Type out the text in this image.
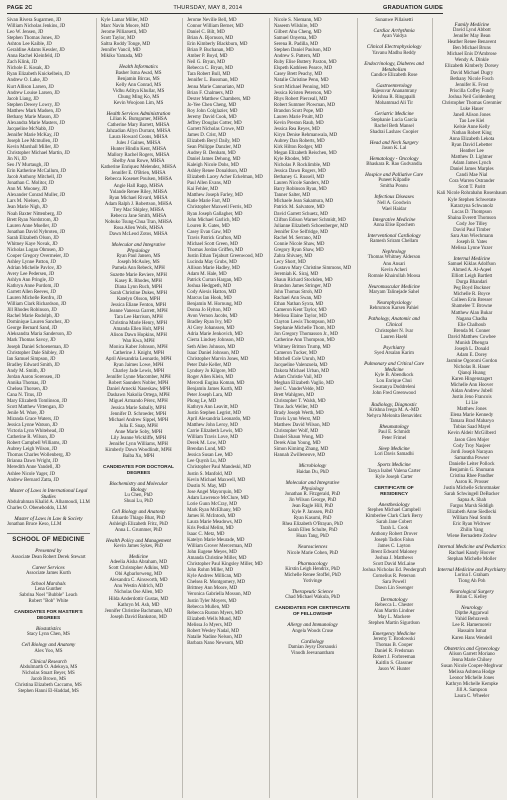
PAGE 2C	THURSDAY, MAY 8, 2014	GRADUATION GUIDE
Sivan Rivera Sugarmen, JD
William Nicholas Jenkins, JD
Leo W. Jensen, JD
Stephen Thomas Jones, JD
Ashton Lee Kaible, JD
Geraldine Adams Kessler, JD
Anna Rachel Kleinfeld, JD
Zach Klink, JD
Nichole E. Kosak, JD
Ryan Elizabeth Knickelbein, JD
Andrew O. Lake, JD
Kurt Allison Larsen, JD
Andrew Louise Larsen, JD
Jacob Liang, JD
Stephen Dewey Lowry, JD
Matthew Mark Madsen, JD
Bethany Marie Mason, JD
Alexandra Marie Masters, JD
Jacqueline McNabb, JD
Jennifer Marie McKay, JD
Joseph Lee Mcmullen, JD
Kevin Marshall Miller, JD
Christopher Michael Martin, JD
Jin Ni, JD
Seo JY Murtaugh, JD
Erin Katherine McCallum, JD
Jacob Anthony Mitchell, JD
Jonathan C. Molitor, JD
Ann M. Mooney, JD
Alexander Conrad Muller, JD
Lars M. Nielsen, JD
Jean Marie Nigh, JD
Noah Baxter Nittenberg, JD
Brett Ryan Nordstrom, JD
Lauren Anne Mueller, JD
Jonathan David Nybroten, JD
Sarah Elizabeth Olson, JD
Whitney Kaye Novak, JD
Nicholas Logan Ohmsen, JD
Cooper Gregory Overmeier, JD
Ashley Lynne Patton, JD
Adrian Michelle Pavlov, JD
Avery Lee Pedersen, JD
Ashlyn Ann Pringle, JD
Kathryn Anne Purdom, JD
Garrett Allen Reeves, JD
Lauren Michelle Renfro, JD
William Clark Richardson, JD
Jill Rhodes Robinson, JD
Rachel Marie Rudolph, JD
Dominique Lauren Sanchez, JD
George Bernard Sand, JD
Aleksandra Maria Sanderson, JD
Mark Thomas Savoy, JD
Joseph Daniel Schoeneman, JD
Christopher Dale Shibley, JD
Ian Samuel Simpson, JD
Bradley Edward Smith, JD
Andy M. Smith, JD
Jordan Aaron Sorensen, JD
Annika Thomas, JD
Chelsea Thorsen, JD
Cana N. Titus, JD
Mary Elizabeth Tomlinson, JD
Scott Matthew Vittengan, JD
Jenile M. Ware, JD
Miranda Grace Waters, JD
Jessica Lynne Watson, JD
Victoria Lynn Whitehead, JD
Catherine R. Wilson, JD
Robert Campbell Williams, JD
Aubrey Leigh Wilson, JD
Thomas Charles Wollenberg, JD
Brianna Dawn Wright, JD
Meredith Anne Yandell, JD
Ashlee Nicole Yager, JD
Andrew Bernard Zatta, JD
Master of Laws in International Legal Studies
Abdulrahman Khalid A. Alhamoudi, LLM
Charles O. Obeneboddo, LLM
Master of Laws in Law & Society
Jonathan Bruce Keso, LLM
SCHOOL OF MEDICINE
Presented by
Associate Dean Robert Derek Stewart
Career Services
Associate James Kurth
School Marshals
Lena Gunther
Sabrina Noel "Bubble" Leach
Robert "Bob" White
CANDIDATES FOR MASTER'S DEGREES
Biostatistics
Stacy Lynn Chen, MS
Cell Biology and Anatomy
Alex Yoo, MS
Clinical Research
Abdulmarth O. Adekoya, MS
Nicholas Stuart Beyer, MS
Jacob Brown, MS
Christina Elizabeth Caccamo, MS
Stephen Hanni El-Haddad, MS
Kyle Lamar Miller, MD
Marc Navin Moore, MD
Jerome Pilliarsetti, MD
Scott Taylor, MD
Saltra Roddy Tonge, MD
Jennifer Vancil, MD
Mikiko Yamada, MD
Health Informatics
Basher Isma Awad, MS
Benjamin Bircas, MS
Kelly Ann Conrad, MS
Vidhu Aditya Khullar, MS
Chung Ming Ko, MS
Kevin Woojoon Lim, MS
Health Services Administration
Lilian K. Bumgarner, MHSA
Catherine Mary Barrett, MHSA
Jahzadian Allyn Durrant, MHSA
Laura Howard Coons, MHSA
Jules J Gaines, MHSA
Hunter Hindin Kent, MHSA
Mallory Rachel Rogers, MHSA
Shelby Ann Rowe, MHSA
Katherine Enriquez Melendez, MHSA
Jennifer E. O'Brien, MHSA
Rebecca Kosenet Poulsen, MHSA
Angie Hall Rapp, MHSA
Yolande Renee Riley, MHSA
Ryan Michael Rivard, MHSA
Adam Ralph J. Robertson, MHSA
Trey Mac Shipley, MHSA
Rebecca Jane Smith, MHSA
Nobuko Tsung-Chua Tran, MHSA
Rosa Allen Wolk, MHSA
Dawn McLeod Zotos, MHSA
Molecular and Integrative Physiology
Ryan Paul Jansen, MS
Joseph McAuley, MS
Pamela Ann Rebeck, MPH
Suzette Marie Reviere, MPH
Kasey R. Rhodes, MPH
Diana Lynn Ruch, MPH
Sarah Christine Dukes, MPH
Katelyn Olsson, MPH
Jessica Eliane Fenton, MPH
Jeanne Vanessa Garrett, MPH
Tara Lee Harrison, MPH
Christina Marie Henry, MPH
Amanda Ellen Holt, MPH
Alison Dawn Hopkins, MPH
Wan Kwa, MPH
Monica Kaber Johnson, MPH
Catherine J. Knight, MPH
April Alexandria Leonardo, MPH
Ryan Jaimes Lowe, MPH
Charley Jade Lewis, MPH
Jennifer Lynne Macomber, MPH
Robert Saunders Nobler, MPH
Daniel Arnecki Naseskaw, MPH
Dashawn Nakolia Ortega, MPH
Miguel Armando Pérez, MPH
Jessica Marie Sabally, MPH
Jennifer D. Schroeder, MPH
Michael Andrew Sippel, MPH
Julia E. Snap, MPH
Anne Marie Soby, MPH
Lily Jeanne Wickliffe, MPH
Jennifer Lynn Williams, MPH
Kimberly Dawn Woodlindt, MPH
Baiba Xu, MPH
CANDIDATES FOR DOCTORAL DEGREES
Biochemistry and Molecular Biology
Lu Chen, PhD
Shuai Lu, PhD
Cell Biology and Anatomy
Eduardo Thiago Bhat, PhD
Ashleigh Elizabeth Fritz, PhD
Anna L. Grummer, PhD
Health Policy and Management
Kevin James Sykes, PhD
Medicine
Adeelia Aisha Abraham, MD
Scott Christopher Adkins, MD
Obi Agbarlorweng, MD
Alexandra C. Ainsworth, MD
Anu Westin Aldrich, MD
Nicholas Ose Allen, MD
Hilda Anderdottir Gustas, MD
Kathryn M. Ash, MD
Jennifer Christine Bachmann, MD
Joseph David Bankston, MD
Jerome Neville Bell, MD
Connor William Berner, MD
Daniel C. Bilt, MD
Brian A. Bjornson, MD
Erin Kimberly Blackburn, MD
Brian P. Buchanan, MD
Amber P. Boyd, MD
Neil G. Bryan, MD
Rebecca C. Bryan, MD
Tara Robert Bull, MD
Jennifer L. Bussman, MD
Jenna Marie Cannariato, MD
Brian F. Chalmers, MD
Dexter Matthew Chambers, MD
Jo-Yee Chen Cheng, MD
Roy John Colglazier, MD
Jeremy David Cook, MD
Jeffrey Douglas Cotter, MD
Garrett Nicholas Crowe, MD
James D. Crist, MD
Elizabeth Beryl Daily, MD
Sean Philippe Danzler, MD
Audrey B. Denham, MD
Daniel James Dehong, MD
Kaleigh Nicole Dohs, MD
Ashley Renee Donaldson, MD
Elizabeth Lacey Acher Eckelman, MD
Paul Allen Evans, MD
Kai Fehler, MD
Matthew Joseph Farley, MD
Katie Marie Farr, MD
Christopher Maxwell Ferris, MD
Ryan Joseph Gallagher, MD
John Michael Garlich, MD
Louren R. Gates, MD
Casey Evan Gaw, MD
Travis Patrick Grafton, MD
Michael Scott Green, MD
Thomas Jordan Griffen, MD
Justin Ethan Tejaburt Greenwood, MD
Lucinda May Grubs, MD
Allison Marie Hadley, MD
Adam M. Hale, MD
Patrick Curran Hargan, MD
Joshua Hedgpeth, MD
Cody Alexis Hatton, MD
Marcus Ian Hook, MD
Benjamin M. Hornung, MD
Donna Jo Hylton, MD
Avon Vernon Jacobs, MD
Bradley Ryan Ivy, MD
Al Grey Johanssen, MD
Adria Marie Jenkovich, MD
Cierra Lindsey Johnson, MD
Seth Allen Johnson, MD
Isaac Daniel Johnson, MD
Christopher Marvin Jones, MD
Peter Dale Keller, MD
Lyndsey Jo Kilgore, MD
Roger Allen Klein, MD
Mercedi Eugina Koman, MD
Benjamin James Kurth, MD
Peter Joseph Lara, MD
Phong Le, MD
Kathryn Ann Leavitt, MD
Justin Stephen Legrist, MD
April Alexandria Leonardo, MD
Matthew John Leroy, MD
Carrie Elizabeth Lewis, MD
William Travis Love, MD
Derek M. Low, MD
Brendan Lund, MD
Jessica Susan Lee, MD
Lee Quynh Lu, MD
Christopher Paul Mandeski, MD
Justin S. Manfold, MD
Kevin Michael Maxwell, MD
Dustin N. May, MD
Jose Angel Mayorquin, MD
Adam Lawrence McClure, MD
Lorie Gunn McCray, MD
Mark Ryan McElhany, MD
James H. McIntosh, MD
Laura Marie Meadows, MD
Kris Pedial Melim, MD
Isaac C. Metz, MD
Katelyn Marie Meurade, MD
William Grover Mercerman, MD
John Eugene Meyes, MD
Amanda Christine Miller, MD
Christopher Paul Kingsley Miller, MD
John Rohm Miller, MD
Kyle Andrew Millican, MD
Chelsea R. Montgomery, MD
Brittney Ann Moore, MD
Veronica Gabriella Mosson, MD
Justin Tyler Moyers, MD
Rebecca Mullen, MD
Rebecca Ruston Myers, MD
Elizabeth Wells Mund, MD
Melissa Jo Myers, MD
Robert Wesley Nadal, MD
Natalie Nadine Nelson, MD
Barbara Nano Newsom, MD
Nicole S. Niemann, MD
Naseem Wilshire, MD
Gilbert Ahu Cheng, MD
Samuel Onyema, MD
Serena R. Padilla, MD
Stephen Daniel Paulson, MD
Andrew S. Pattern, MD
Ruby Elise Buttery Paxton, MD
Elspeth Kathleen Pearce, MD
Casey Brett Peachy, MD
Natalie Christine Penn, MD
Scott Michael Penning, MD
Jessica Kristen Peterson, MD
Rhys Robert Pierceall, MD
Robert Summer Plowman, MD
Brandon Scott Pope, MD
Lauren Marie Pruitt, MD
Kevin Preston Raub, MD
Jessica Rea Reyes, MD
Kiryn Denise Rehmanwala, MD
Aubrey Dan Roberts, MD
Kirk Hilton Rodger, MD
Megan Elizabeth Reischen, MD
Kyle Rhodes, MD
Nicholas P. Rocklimble, MD
Jessica Dawn Rogers, MD
Bethaney G. Russell, MD
Lauren Nicole Sanders, MD
Barry Robinson Ryan, MD
Tanner Salter, MD
Michaele Jean Sakamura, MD
Patrick M. Salvatore, MD
David Garrett Schuetz, MD
Clifton Edison Warner Schmidt, MD
Julianne Elizabeth Schoenberger, MD
Jennifer Eve Selfridge, MD
Rachel M. Serrano, MD
Connie Nicole Shaw, MD
Gregory Ryan Shaw, MD
Zahra Shivaey, MD
Lecy Short, MD
Gustavo Mary Christine Simmons, MD
Jeremiah K. Siraj, MD
Shaun Richard Stockden, MD
Brandon James Stringer, MD
John Thomas Stroh, MD
Rachael Ann Swan, MD
Ethan Nathan Syxta, MD
Cameron Kent Taylor, MD
Melissa Elaine Taylor, MD
Clayton Lewis Thompson, MD
Stephanie Michelle Thom, MD
Jon Gregory Thomasson Jr., MD
Catherine Ann Thompson, MD
Whitney Britton Trump, MD
Cameron Tucker, MD
Mitchell Cole Unruh, MD
Jacqueline Valenzuela, MD
Dakota Michael Urban, MD
Adam Christie Vail, MD
Meghan Elizabeth Vaglio, MD
Joel C. VanderVelde, MD
Brett Wahlgren, MD
Christopher T. Walsh, MD
Titus Jack Weller, MD
Brady Joseph Werth, MD
Travis Lynn Werst, MD
Matthew David Wilson, MD
Christopher Wolf, MD
Daniel Shaun Wong, MD
Derek Alan Young, MD
Simon Kimimg Zhang, MD
Hannah Zwilleneuve, MD
Microbiology
Haidan Du, PhD
Molecular and Integrative Physiology
Jonathan R. Fitzgerald, PhD
Jin Wilson George, PhD
Jean Ragle Hill, PhD
Kyle P. Janssen, PhD
Ryan Kasumi, PhD
Rhea Elizabeth O'Brayan, PhD
Sarah Ellen Schulte, PhD
Huan Tang, PhD
Neurosciences
Nicole Marie Cohen, PhD
Pharmacology
Kirstin Leigh Hendrix, PhD
Michelle Renee Stoffel, PhD
Yotivinge
Therapeutic Science
Chad Michael Wakula, PhD
CANDIDATES FOR CERTIFICATE OF FELLOWSHIP
Allergy and Immunology
Angela Woods Cruse
Cardiology
Damian Jeysy Dorsauski
Vinodh Jeevanantham
Sunanwe Pillaisetti
Cardiac Arrhythmia
Ayan Vaidya
Clinical Electrophysiology
Yavanu Madhu Reddy
Endocrinology, Diabetes and Metabolism
Candice Elizabeth Rose
Gastroenterology
Rajesuvar Ananamrany
Krishna R. Ringapalli
Mohammad Ali Tir
Geriatric Medicine
Stephanie Lucia Garcia
Rachel Beth Mansel
Shadrai Lashaw Coopier
Head and Neck Surgery
Jason K. Lal
Hematology - Oncology
Bhaskara R. Rao Gudvandla
Hospice and Palliative Care
Puneet Kilpadle
Smitha Ponnu
Infectious Diseases
Nell A. Goodwin
Wael Haidar
Integrative Medicine
Anna Elise Epochem
Interventional Cardiology
Ramesh Sriram Chellam
Nephrology
Thomas Whitney Alderson
Anu Ansari
Kevin Acheri
Romnie Khairullah Moosa
Neuromuscular Medicine
Maryam Talinejade Sahel
Neurophysiology
Rehrumon Karsen Pahiel
Pathology, Anatomic and Clinical
Christopher N. Ivar
Lauren Haehl
Psychiatry
Syed Arsalan Karim
Pulmonary and Critical Care Medicine
Kyle B. Abendkock
Lou Enrique Chui
Swatanya Doddreleni
John Fred Greenwood
Radiology, Diagnostic
Krishna Ivega M. A.-MD
Nehyra Melonita Benavidez
Rheumatology
Paul E. Schmidt
Peter Frimel
Sleep Medicine
Lori Davis Samadhi
Sports Medicine
Tanya Isabel Valena Carter
Kyle Joseph Carter
CERTIFICATE OF RESIDENCY
Anesthesiology
Stephen Michael Campbell
Kimberlee Clark Clark Berry
Sarah Jane Cobert
Tarah L. Cook
Anthony Robert Drover
Joseph Tadios Falun
James C. Layton
Brent Edward Maloney
Joshua J. Matthews
Scott David McLaine
Joshua Nicholas Ed. Pendergraft
Cornelius R. Peterson
Sara Powell
Dawn Lin Swenger
Dermatology
Rebecca L. Chester
Alan Martin Lindner
May L. Mackere
Stephen Martin Sigurdson
Emergency Medicine
Jeremy T. Brodowski
Thomas B. Cooper
Daniel R. Fredsman
Robert J. Forbreeman
Kaitlin S. Glassner
Jason W. Hunter
Family Medicine
David Lynd Abbott
Jennifer May Bean
Heather Renee Benavent
Ben Michael Bruns
Michael Enis D'Ambrose
Wendy A. Dinkle
Elizabeth Kimberly Dorsey
David Michael Dugry
Bethany Nicole Fosch
Jennifer K. Frost
Priscilla Coffey Fundy
Joshua Neil Goldenberg
Christopher Thomas Grenmier
Luke Hauer
Janell Alison Jones
Tao Lee Kiel
Kelsie Anne Kelly
Nathan Robert King
Anna Elizabeth Lekota
Ryan David Lebetter
Heather Lee
Matthew D. Lightner
Adam James Lynch
Daniel James Marples
Candi Mae Nial
Cora Warren Ostrander
Scott T. Paritt
Kali Nicole Rohrabahn Rosenbaum
Kyle Stephen Schwerate
Katarzyna Schwanolz
Lucas D. Thompson
Shaina Everett Thomson
Cody Joe Tilley
David Paul Timber
Sara Ann Wiechmann
Joseph B. Yates
Melissa Lynne Yuzer
Internal Medicine
Samuel Kiklas Adolfson
Ahmed A. Al-Aqeel
Elliott Leigh Bartlett
Durga Bhandari
Peg Boyd Buckner
Michelle R. Boyce
Colleen Erin Bresser
Shamelee T. Browne
Matthew Alan Bukar
Nagana Chadha
Elie Chalhoub
Brenda M. Conner
David Matthew Cowbee
Munish Dhengra
Joseph L. Donald
Adam E. Dorey
Jasmine Ogoromi Gordon
Nicholas R. Hauer
Qianqi Huang
Karen Hingenstagert
Michelle Ann Hoover
Aidan Andrew Jubell
Justin Jeno Francois
Li Lie
Matthew Jones
Elena Marie Kennedy
Tamara Brad Mabaryo
Tobias Saad Mayel
Kevin Aldeir McGilberd
Jason Glen Mojer
Cody Troy Nasjeer
Jordi Joseph Narayan
Samantha Powser
Danielle Leiter Pollock
Benjamin G. Shumann
Cristina Rhee Pandher
Aaron K. Prosser
Justin Michelle Schrotmaker
Sarah Schwingell DeBacker
Sapna A. Shah
Fargus Marsh Siddigh
Elizabeth Anne Siedlecki
William Neal Smith
Eric Ryan Widrwer
Zhilin Yang
Wiene Bernadette Zodow
Internal Medicine and Pediatrics
Rachael Kandy Hoover
Stephan Michelle Moller
Internal Medicine and Psychiatry
Lorina I. Graham
Tiong Ah Poh
Neurological Surgery
Brian C. Kelley
Neurology
Dipthe Aggarwal
Vahid Behravesh
Lee R. Hamemoreir
Hassaim Ismat
Karen Hans Wendell
Obstetrics and Gynecology
Alison Garrett Moriano
Jenna Marie Chilsey
Susan Nicole Cooper-Meghwar
Melissa Ashtena Hodge
Leonor Michelle Jones
Kathryn Michelle Kempke
Jill A. Sampson
Laura C. Wheeler
